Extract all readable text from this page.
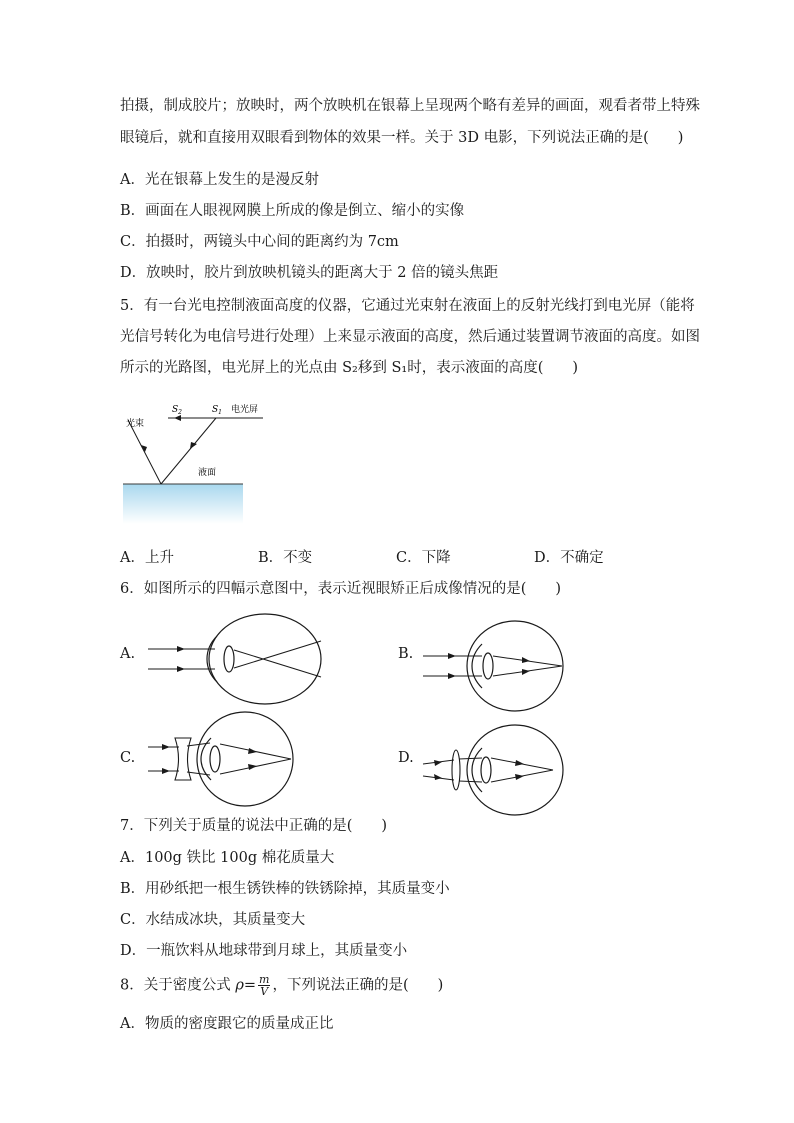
拍摄，制成胶片；放映时，两个放映机在银幕上呈现两个略有差异的画面，观看者带上特殊
眼镜后，就和直接用双眼看到物体的效果一样。关于 3D 电影，下列说法正确的是(　　)
A．光在银幕上发生的是漫反射
B．画面在人眼视网膜上所成的像是倒立、缩小的实像
C．拍摄时，两镜头中心间的距离约为 7cm
D．放映时，胶片到放映机镜头的距离大于 2 倍的镜头焦距
5．有一台光电控制液面高度的仪器，它通过光束射在液面上的反射光线打到电光屏（能将
光信号转化为电信号进行处理）上来显示液面的高度，然后通过装置调节液面的高度。如图
所示的光路图，电光屏上的光点由 S₂移到 S₁时，表示液面的高度(　　)
光束
$S_2$	$S_1$ 电光屏
液面
A．上升	B．不变	C．下降	D．不确定
6．如图所示的四幅示意图中，表示近视眼矫正后成像情况的是(　　)
A.	B.
C.	D.
7．下列关于质量的说法中正确的是(　　)
A．100g 铁比 100g 棉花质量大
B．用砂纸把一根生锈铁棒的铁锈除掉，其质量变小
C．水结成冰块，其质量变大
D．一瓶饮料从地球带到月球上，其质量变小
8．关于密度公式 $\rho= \frac{m}{V}$ ，下列说法正确的是(　　)
A．物质的密度跟它的质量成正比
